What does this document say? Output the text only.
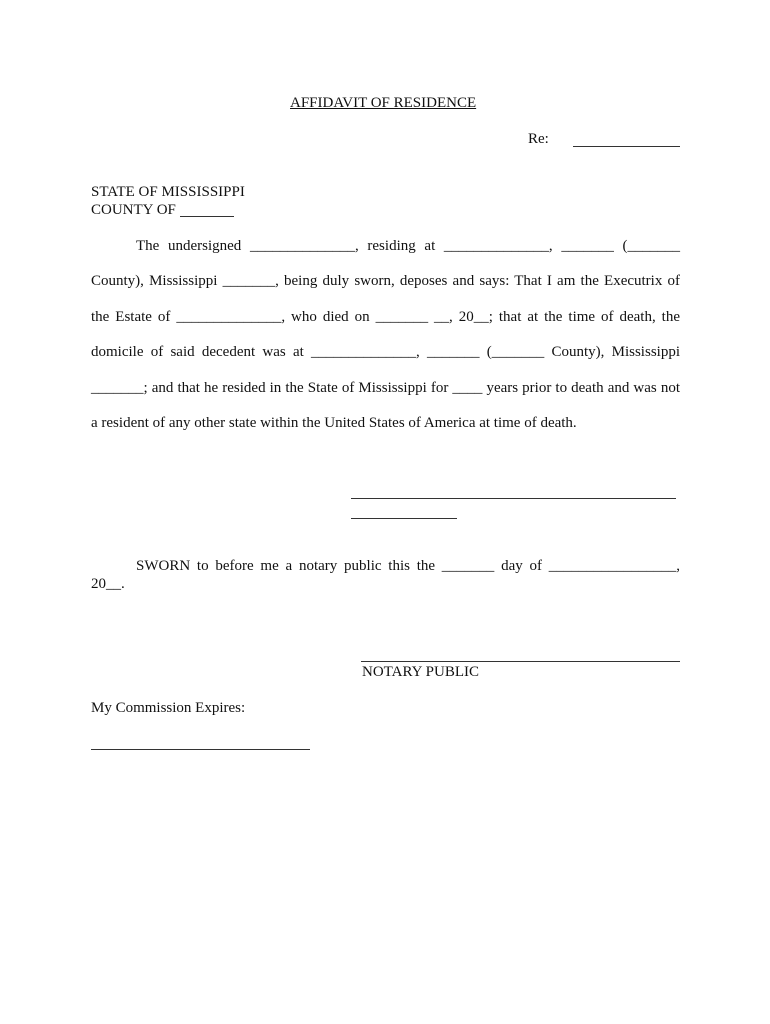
AFFIDAVIT OF RESIDENCE
Re:
STATE OF MISSISSIPPI
COUNTY OF
The undersigned ______________, residing at ______________, _______ (_______
County), Mississippi _______, being duly sworn, deposes and says: That I am the Executrix of
the Estate of ______________, who died on _______ __, 20__; that at the time of death, the
domicile of said decedent was at ______________, _______ (_______ County), Mississippi
_______; and that he resided in the State of Mississippi for ____ years prior to death and was not
a resident of any other state within the United States of America at time of death.
SWORN to before me a notary public this the _______ day of _________________,
20__.
NOTARY PUBLIC
My Commission Expires:
